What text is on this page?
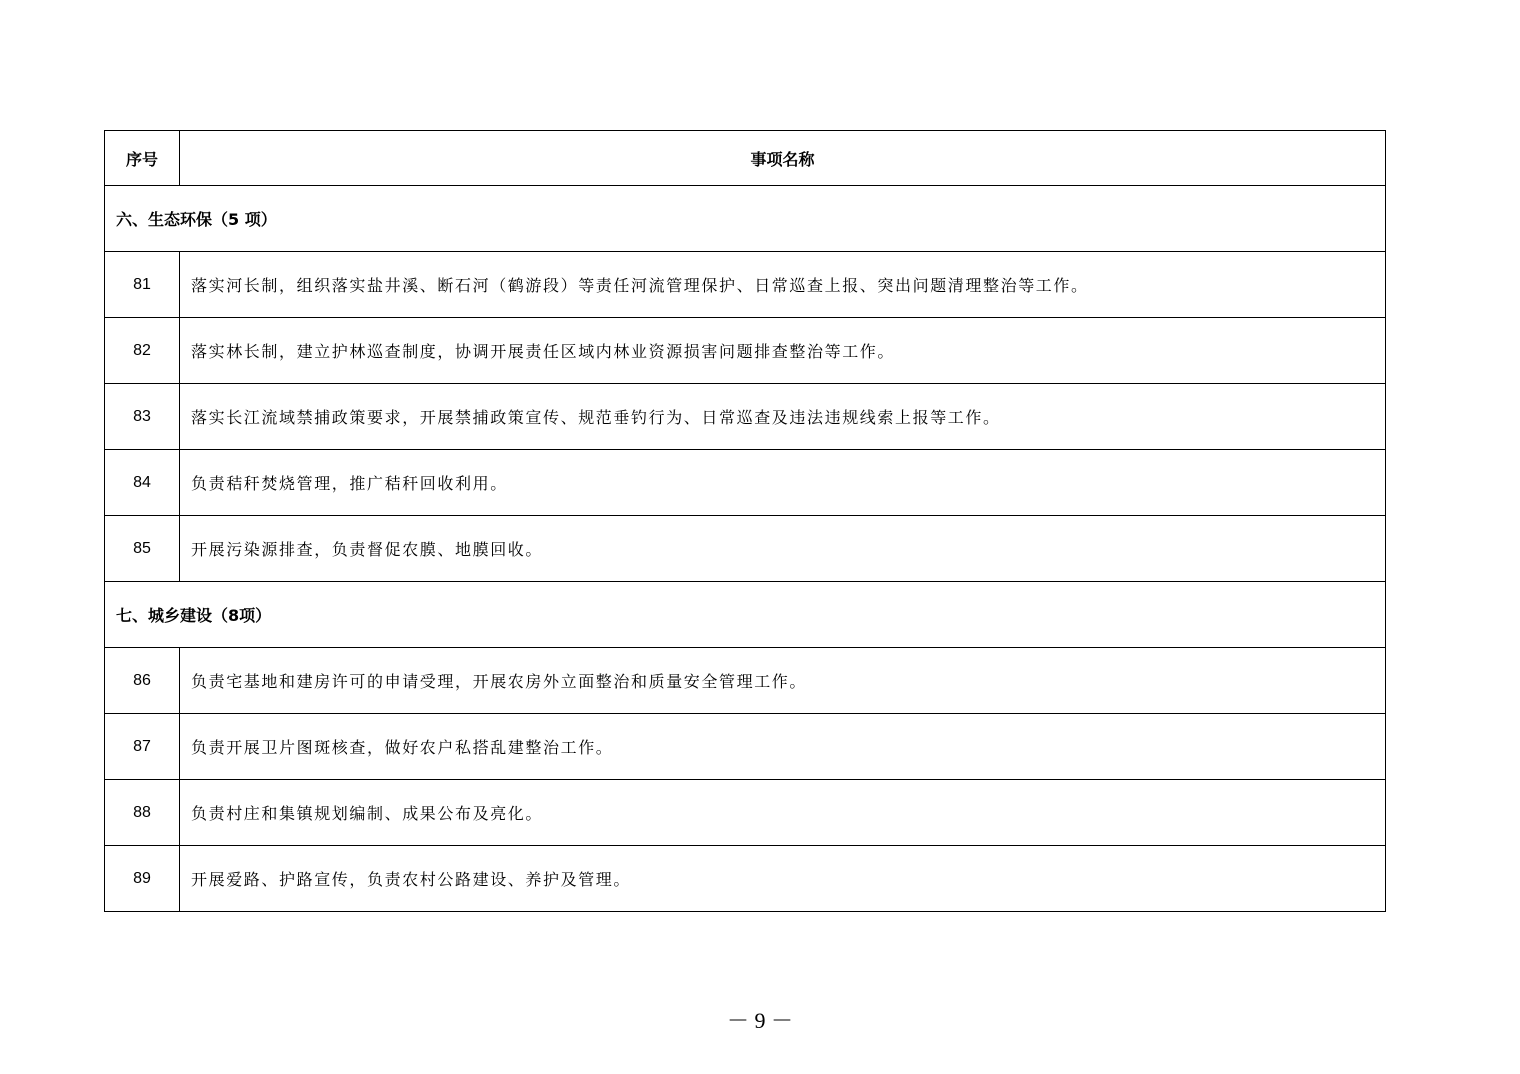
序号	事项名称
六、生态环保（5 项）	
81	落实河长制，组织落实盐井溪、断石河（鹤游段）等责任河流管理保护、日常巡查上报、突出问题清理整治等工作。
82	落实林长制，建立护林巡查制度，协调开展责任区域内林业资源损害问题排查整治等工作。
83	落实长江流域禁捕政策要求，开展禁捕政策宣传、规范垂钓行为、日常巡查及违法违规线索上报等工作。
84	负责秸秆焚烧管理，推广秸秆回收利用。
85	开展污染源排查，负责督促农膜、地膜回收。
七、城乡建设（8项）	
86	负责宅基地和建房许可的申请受理，开展农房外立面整治和质量安全管理工作。
87	负责开展卫片图斑核查，做好农户私搭乱建整治工作。
88	负责村庄和集镇规划编制、成果公布及亮化。
89	开展爱路、护路宣传，负责农村公路建设、养护及管理。
－ 9 －
